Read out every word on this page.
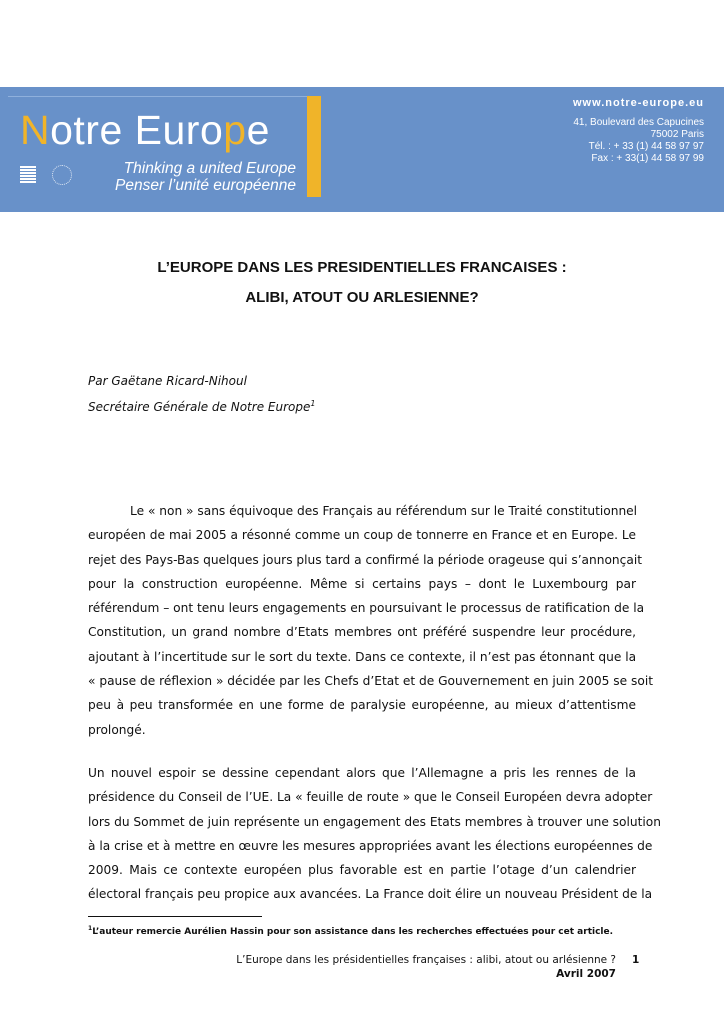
Notre Europe
Thinking a united Europe
Penser l’unité européenne
www.notre-europe.eu
41, Boulevard des Capucines
75002 Paris
Tél. : + 33 (1) 44 58 97 97
Fax : + 33(1) 44 58 97 99
L’EUROPE DANS LES PRESIDENTIELLES FRANCAISES :
ALIBI, ATOUT OU ARLESIENNE?
Par Gaëtane Ricard-Nihoul
Secrétaire Générale de Notre Europe$^1$
Le « non » sans équivoque des Français au référendum sur le Traité constitutionnel
européen de mai 2005 a résonné comme un coup de tonnerre en France et en Europe. Le
rejet des Pays-Bas quelques jours plus tard a confirmé la période orageuse qui s’annonçait
pour la construction européenne. Même si certains pays – dont le Luxembourg par
référendum – ont tenu leurs engagements en poursuivant le processus de ratification de la
Constitution, un grand nombre d’Etats membres ont préféré suspendre leur procédure,
ajoutant à l’incertitude sur le sort du texte. Dans ce contexte, il n’est pas étonnant que la
« pause de réflexion » décidée par les Chefs d’Etat et de Gouvernement en juin 2005 se soit
peu à peu transformée en une forme de paralysie européenne, au mieux d’attentisme
prolongé.
Un nouvel espoir se dessine cependant alors que l’Allemagne a pris les rennes de la
présidence du Conseil de l’UE. La « feuille de route » que le Conseil Européen devra adopter
lors du Sommet de juin représente un engagement des Etats membres à trouver une solution
à la crise et à mettre en œuvre les mesures appropriées avant les élections européennes de
2009. Mais ce contexte européen plus favorable est en partie l’otage d’un calendrier
électoral français peu propice aux avancées. La France doit élire un nouveau Président de la
$^1$L’auteur remercie Aurélien Hassin pour son assistance dans les recherches effectuées pour cet article.
L’Europe dans les présidentielles françaises : alibi, atout ou arlésienne ?
Avril 2007
1
